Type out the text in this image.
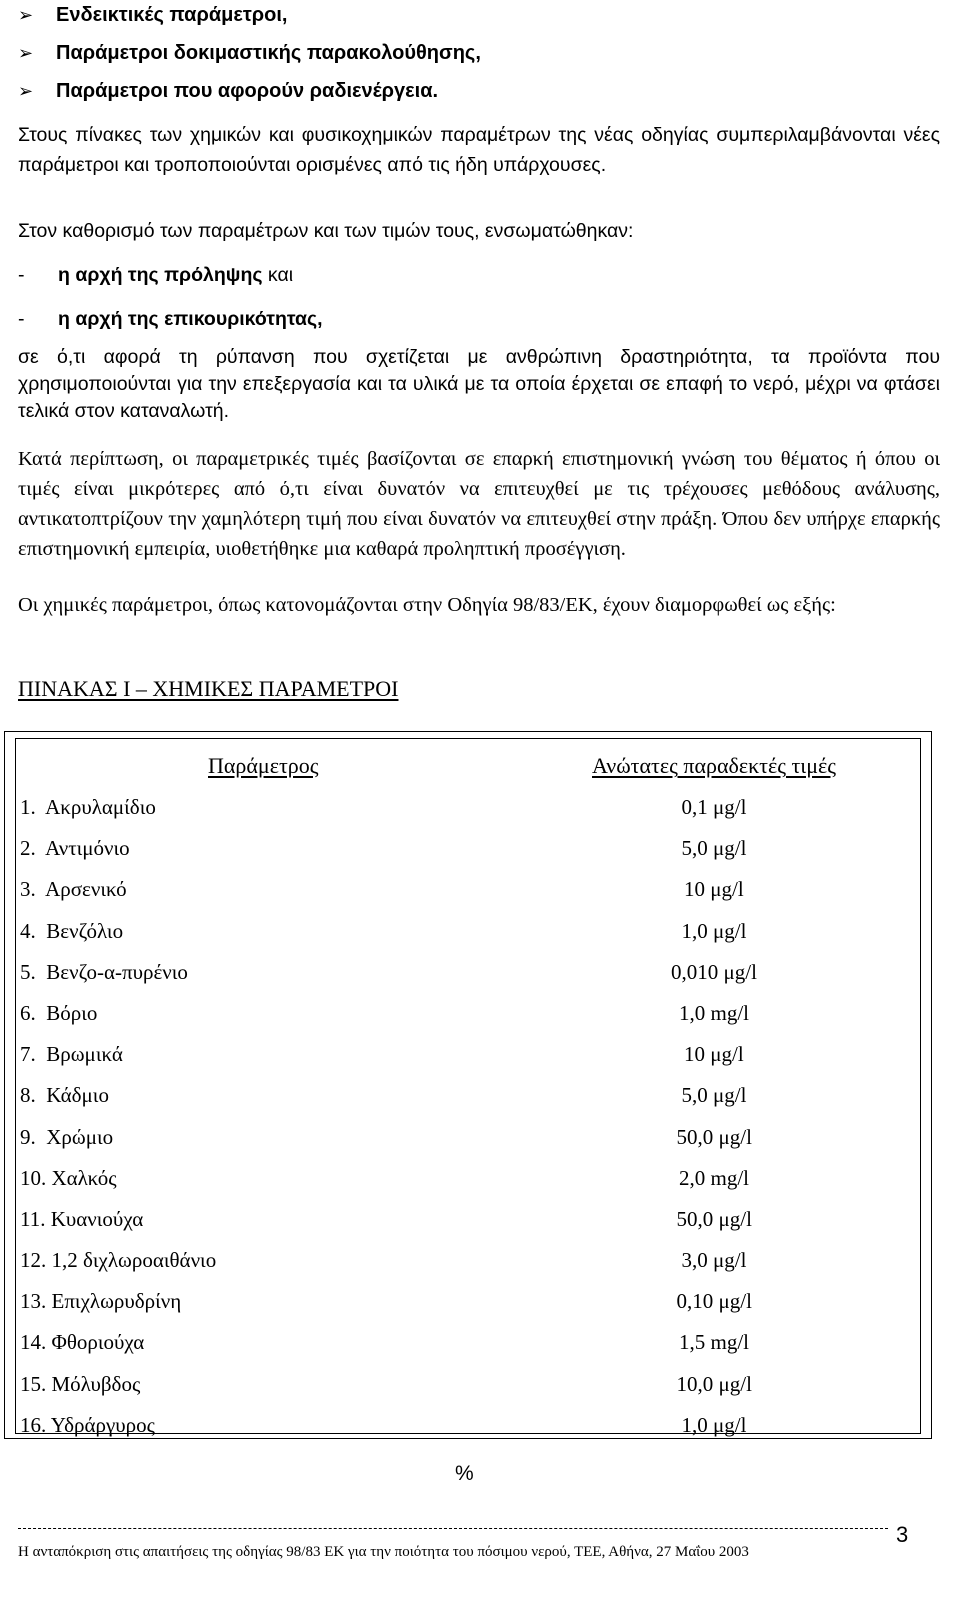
➢	Ενδεικτικές παράμετροι,
➢	Παράμετροι δοκιμαστικής παρακολούθησης,
➢	Παράμετροι που αφορούν ραδιενέργεια.
Στους πίνακες των χημικών και φυσικοχημικών παραμέτρων της νέας οδηγίας συμπεριλαμβάνονται νέες παράμετροι και τροποποιούνται ορισμένες από τις ήδη υπάρχουσες.
Στον καθορισμό των παραμέτρων και των τιμών τους, ενσωματώθηκαν:
-	η αρχή της πρόληψης και
-	η αρχή της επικουρικότητας,
σε ό,τι αφορά τη ρύπανση που σχετίζεται με ανθρώπινη δραστηριότητα, τα προϊόντα που χρησιμοποιούνται για την επεξεργασία και τα υλικά με τα οποία έρχεται σε επαφή το νερό, μέχρι να φτάσει τελικά στον καταναλωτή.
Κατά περίπτωση, οι παραμετρικές τιμές βασίζονται σε επαρκή επιστημονική γνώση του θέματος ή όπου οι τιμές είναι μικρότερες από ό,τι είναι δυνατόν να επιτευχθεί με τις τρέχουσες μεθόδους ανάλυσης, αντικατοπτρίζουν την χαμηλότερη τιμή που είναι δυνατόν να επιτευχθεί στην πράξη. Όπου δεν υπήρχε επαρκής επιστημονική εμπειρία, υιοθετήθηκε μια καθαρά προληπτική προσέγγιση.
Οι χημικές παράμετροι, όπως κατονομάζονται στην Οδηγία 98/83/ΕΚ, έχουν διαμορφωθεί ως εξής:
ΠΙΝΑΚΑΣ Ι – ΧΗΜΙΚΕΣ ΠΑΡΑΜΕΤΡΟΙ
Παράμετρος	Ανώτατες παραδεκτές τιμές
1.  Ακρυλαμίδιο	0,1 μg/l
2.  Αντιμόνιο	5,0 μg/l
3.  Αρσενικό	10 μg/l
4.  Βενζόλιο	1,0 μg/l
5.  Βενζο-α-πυρένιο	0,010 μg/l
6.  Βόριο	1,0 mg/l
7.  Βρωμικά	10 μg/l
8.  Κάδμιο	5,0 μg/l
9.  Χρώμιο	50,0 μg/l
10. Χαλκός	2,0 mg/l
11. Κυανιούχα	50,0 μg/l
12. 1,2 διχλωροαιθάνιο	3,0 μg/l
13. Επιχλωρυδρίνη	0,10 μg/l
14. Φθοριούχα	1,5 mg/l
15. Μόλυβδος	10,0 μg/l
16. Υδράργυρος	1,0 μg/l
%
3
Η ανταπόκριση στις απαιτήσεις της οδηγίας 98/83 ΕΚ για την ποιότητα του πόσιμου νερού, ΤΕΕ, Αθήνα, 27 Μαΐου 2003
